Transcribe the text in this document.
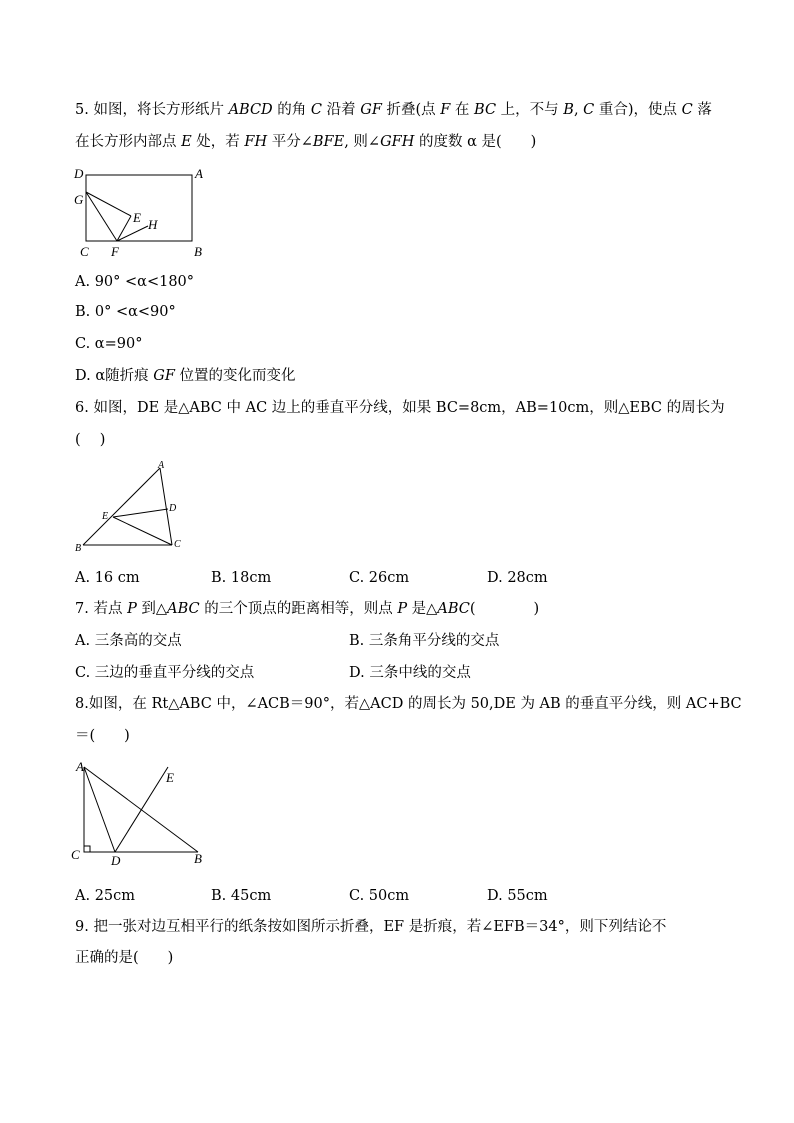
5. 如图，将长方形纸片 ABCD 的角 C 沿着 GF 折叠(点 F 在 BC 上，不与 B, C 重合)，使点 C 落
在长方形内部点 E 处，若 FH 平分∠BFE, 则∠GFH 的度数 α 是(　　)
D	A
G
E H
C F	B
A. 90° <α<180°
B. 0° <α<90°
C. α=90°
D. α随折痕 GF 位置的变化而变化
6. 如图，DE 是△ABC 中 AC 边上的垂直平分线，如果 BC=8cm，AB=10cm，则△EBC 的周长为
(　 )
A
D
E
B	C
A. 16 cm	B. 18cm	C. 26cm	D. 28cm
7. 若点 P 到△ABC 的三个顶点的距离相等，则点 P 是△ABC(　　　　)
A. 三条高的交点	B. 三条角平分线的交点
C. 三边的垂直平分线的交点	D. 三条中线的交点
8.如图，在 Rt△ABC 中，∠ACB＝90°，若△ACD 的周长为 50,DE 为 AB 的垂直平分线，则 AC+BC
＝(　　)
A
E
C D	B
A. 25cm	B. 45cm	C. 50cm	D. 55cm
9. 把一张对边互相平行的纸条按如图所示折叠，EF 是折痕，若∠EFB＝34°，则下列结论不
正确的是(　　)
